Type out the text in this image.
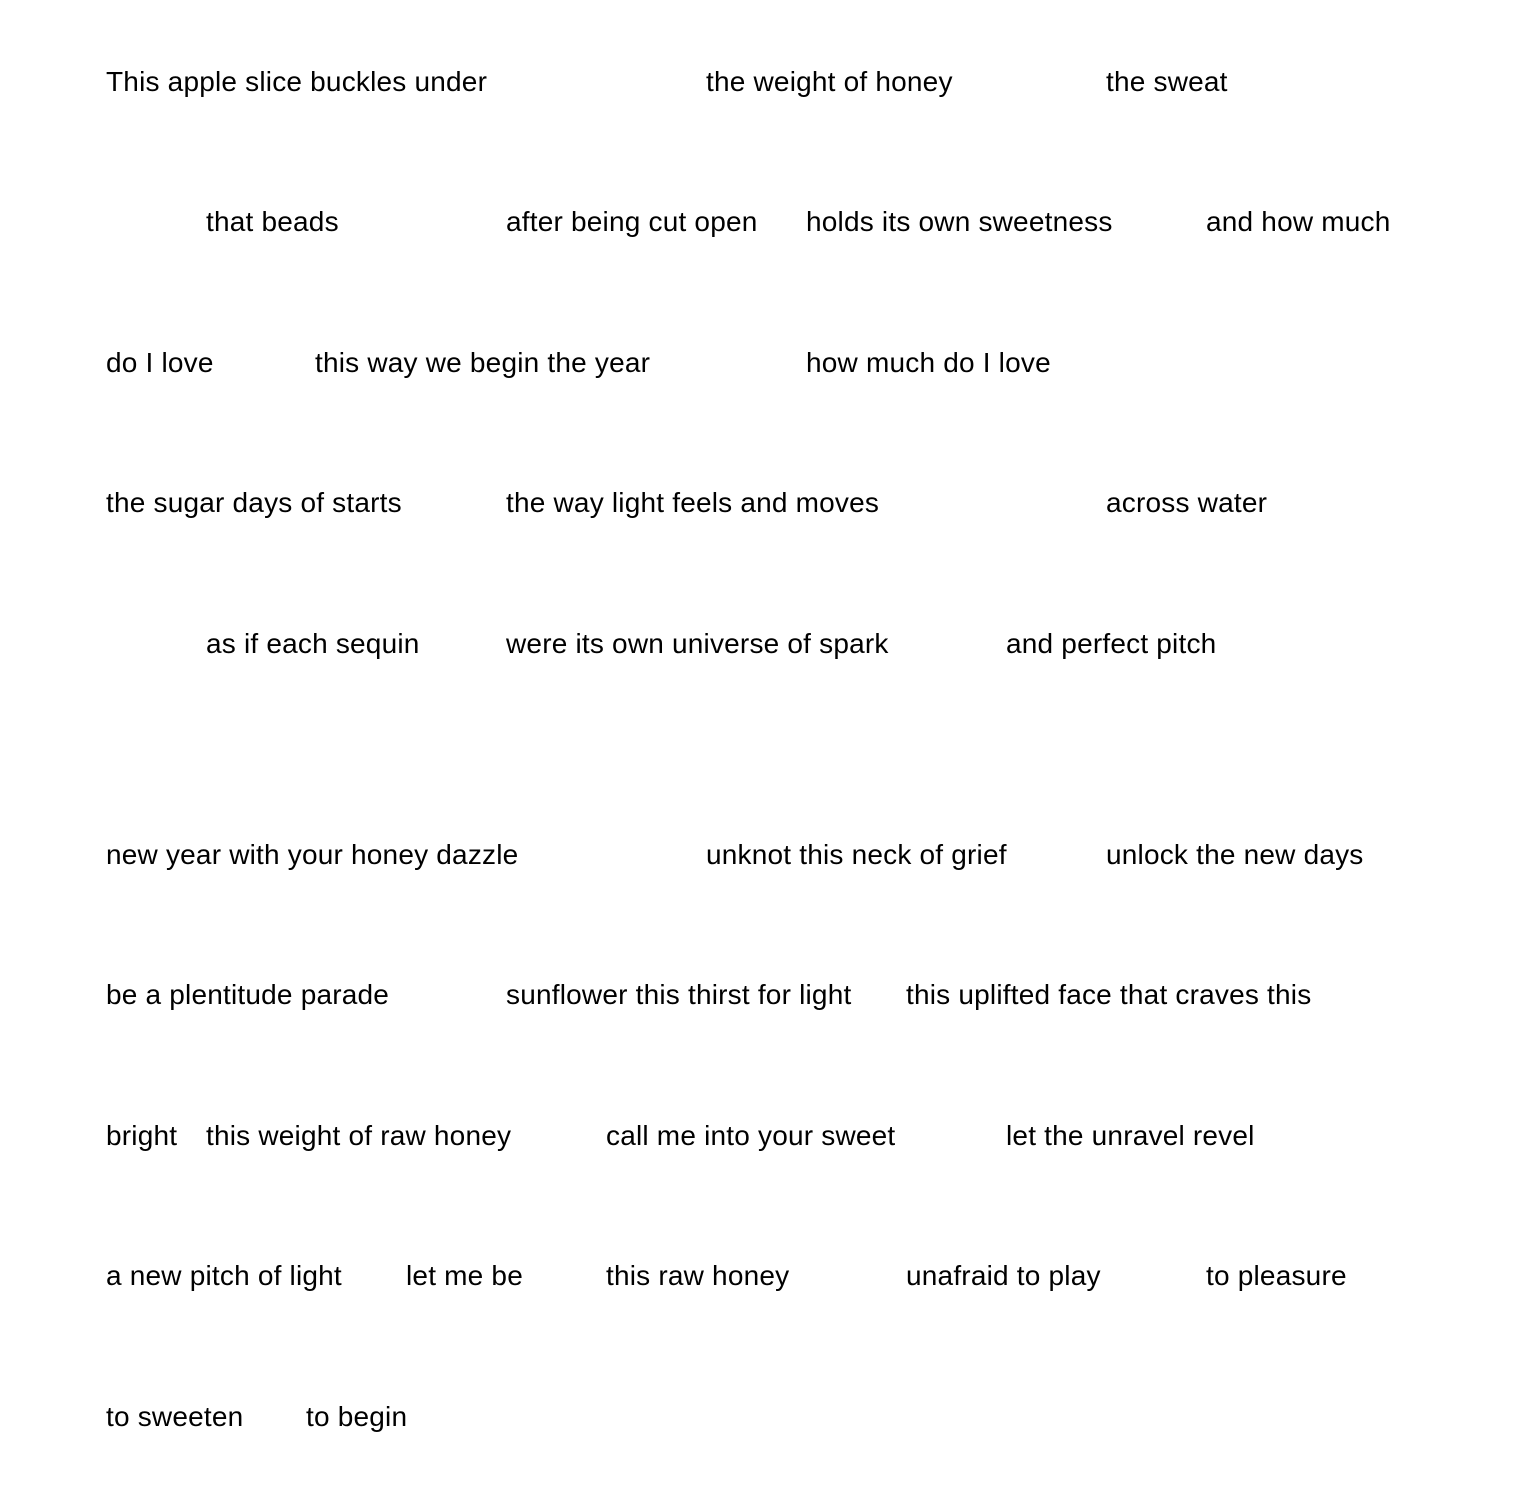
This apple slice buckles under	the weight of honey	the sweat
that beads	after being cut open holds its own sweetness	and how much
do I love	this way we begin the year	how much do I love
the sugar days of starts	the way light feels and moves	across water
as if each sequin	were its own universe of spark	and perfect pitch
new year with your honey dazzle	unknot this neck of grief	unlock the new days
be a plentitude parade	sunflower this thirst for light this uplifted face that craves this
bright this weight of raw honey	call me into your sweet	let the unravel revel
a new pitch of light let me be	this raw honey	unafraid to play	to pleasure
to sweeten to begin
